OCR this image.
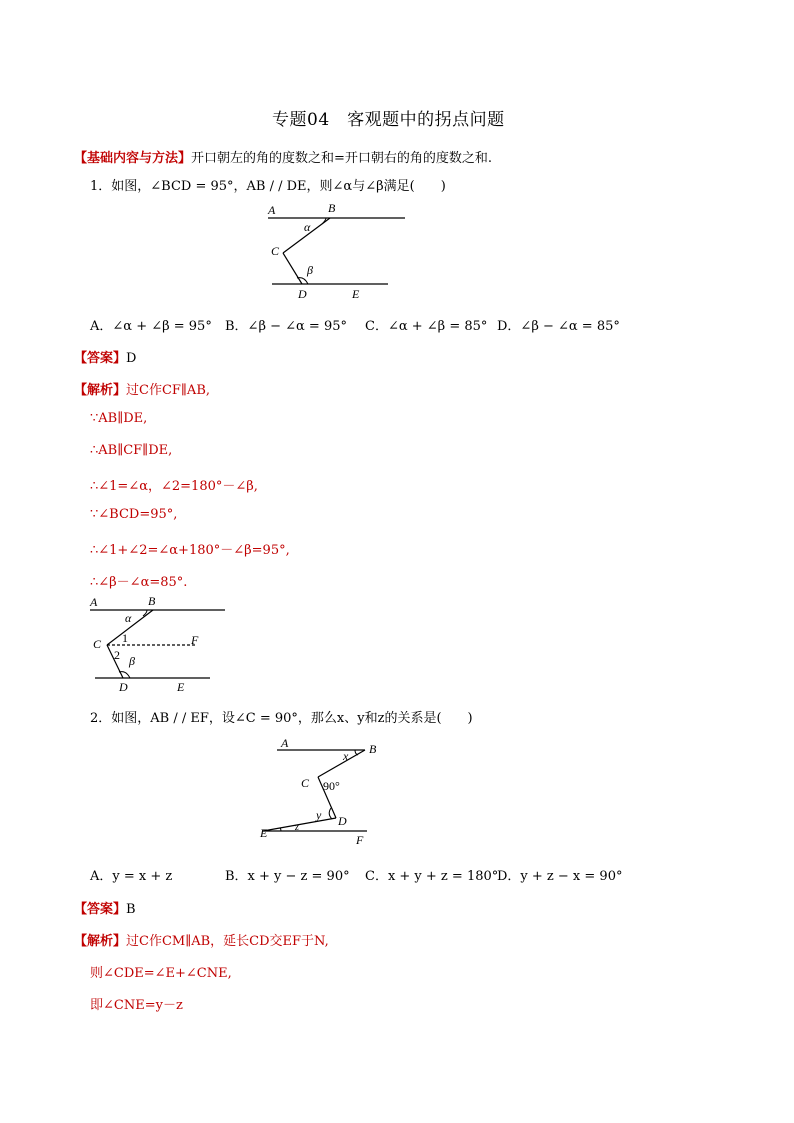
专题04　客观题中的拐点问题
【基础内容与方法】开口朝左的角的度数之和=开口朝右的角的度数之和.
1．如图，∠BCD = 95°，AB / / DE，则∠α与∠β满足(　　)
A	B
C
D	E
α
β
A．∠α + ∠β = 95° B．∠β − ∠α = 95° C．∠α + ∠β = 85° D．∠β − ∠α = 85°
【答案】D
【解析】过C作CF∥AB,
∵AB∥DE,
∴AB∥CF∥DE,
∴∠1=∠α，∠2=180°－∠β,
∵∠BCD=95°,
∴∠1+∠2=∠α+180°－∠β=95°,
∴∠β－∠α=85°.
A	B
C
D	E
F
α
β
1
2
2．如图，AB / / EF，设∠C = 90°，那么x、y和z的关系是(　　)
A	B
C
D
E	F
x
y
z
90°
A．y = x + z	B．x + y − z = 90° C．x + y + z = 180°
D．y + z − x = 90°
【答案】B
【解析】过C作CM∥AB，延长CD交EF于N,
则∠CDE=∠E+∠CNE,
即∠CNE=y－z
